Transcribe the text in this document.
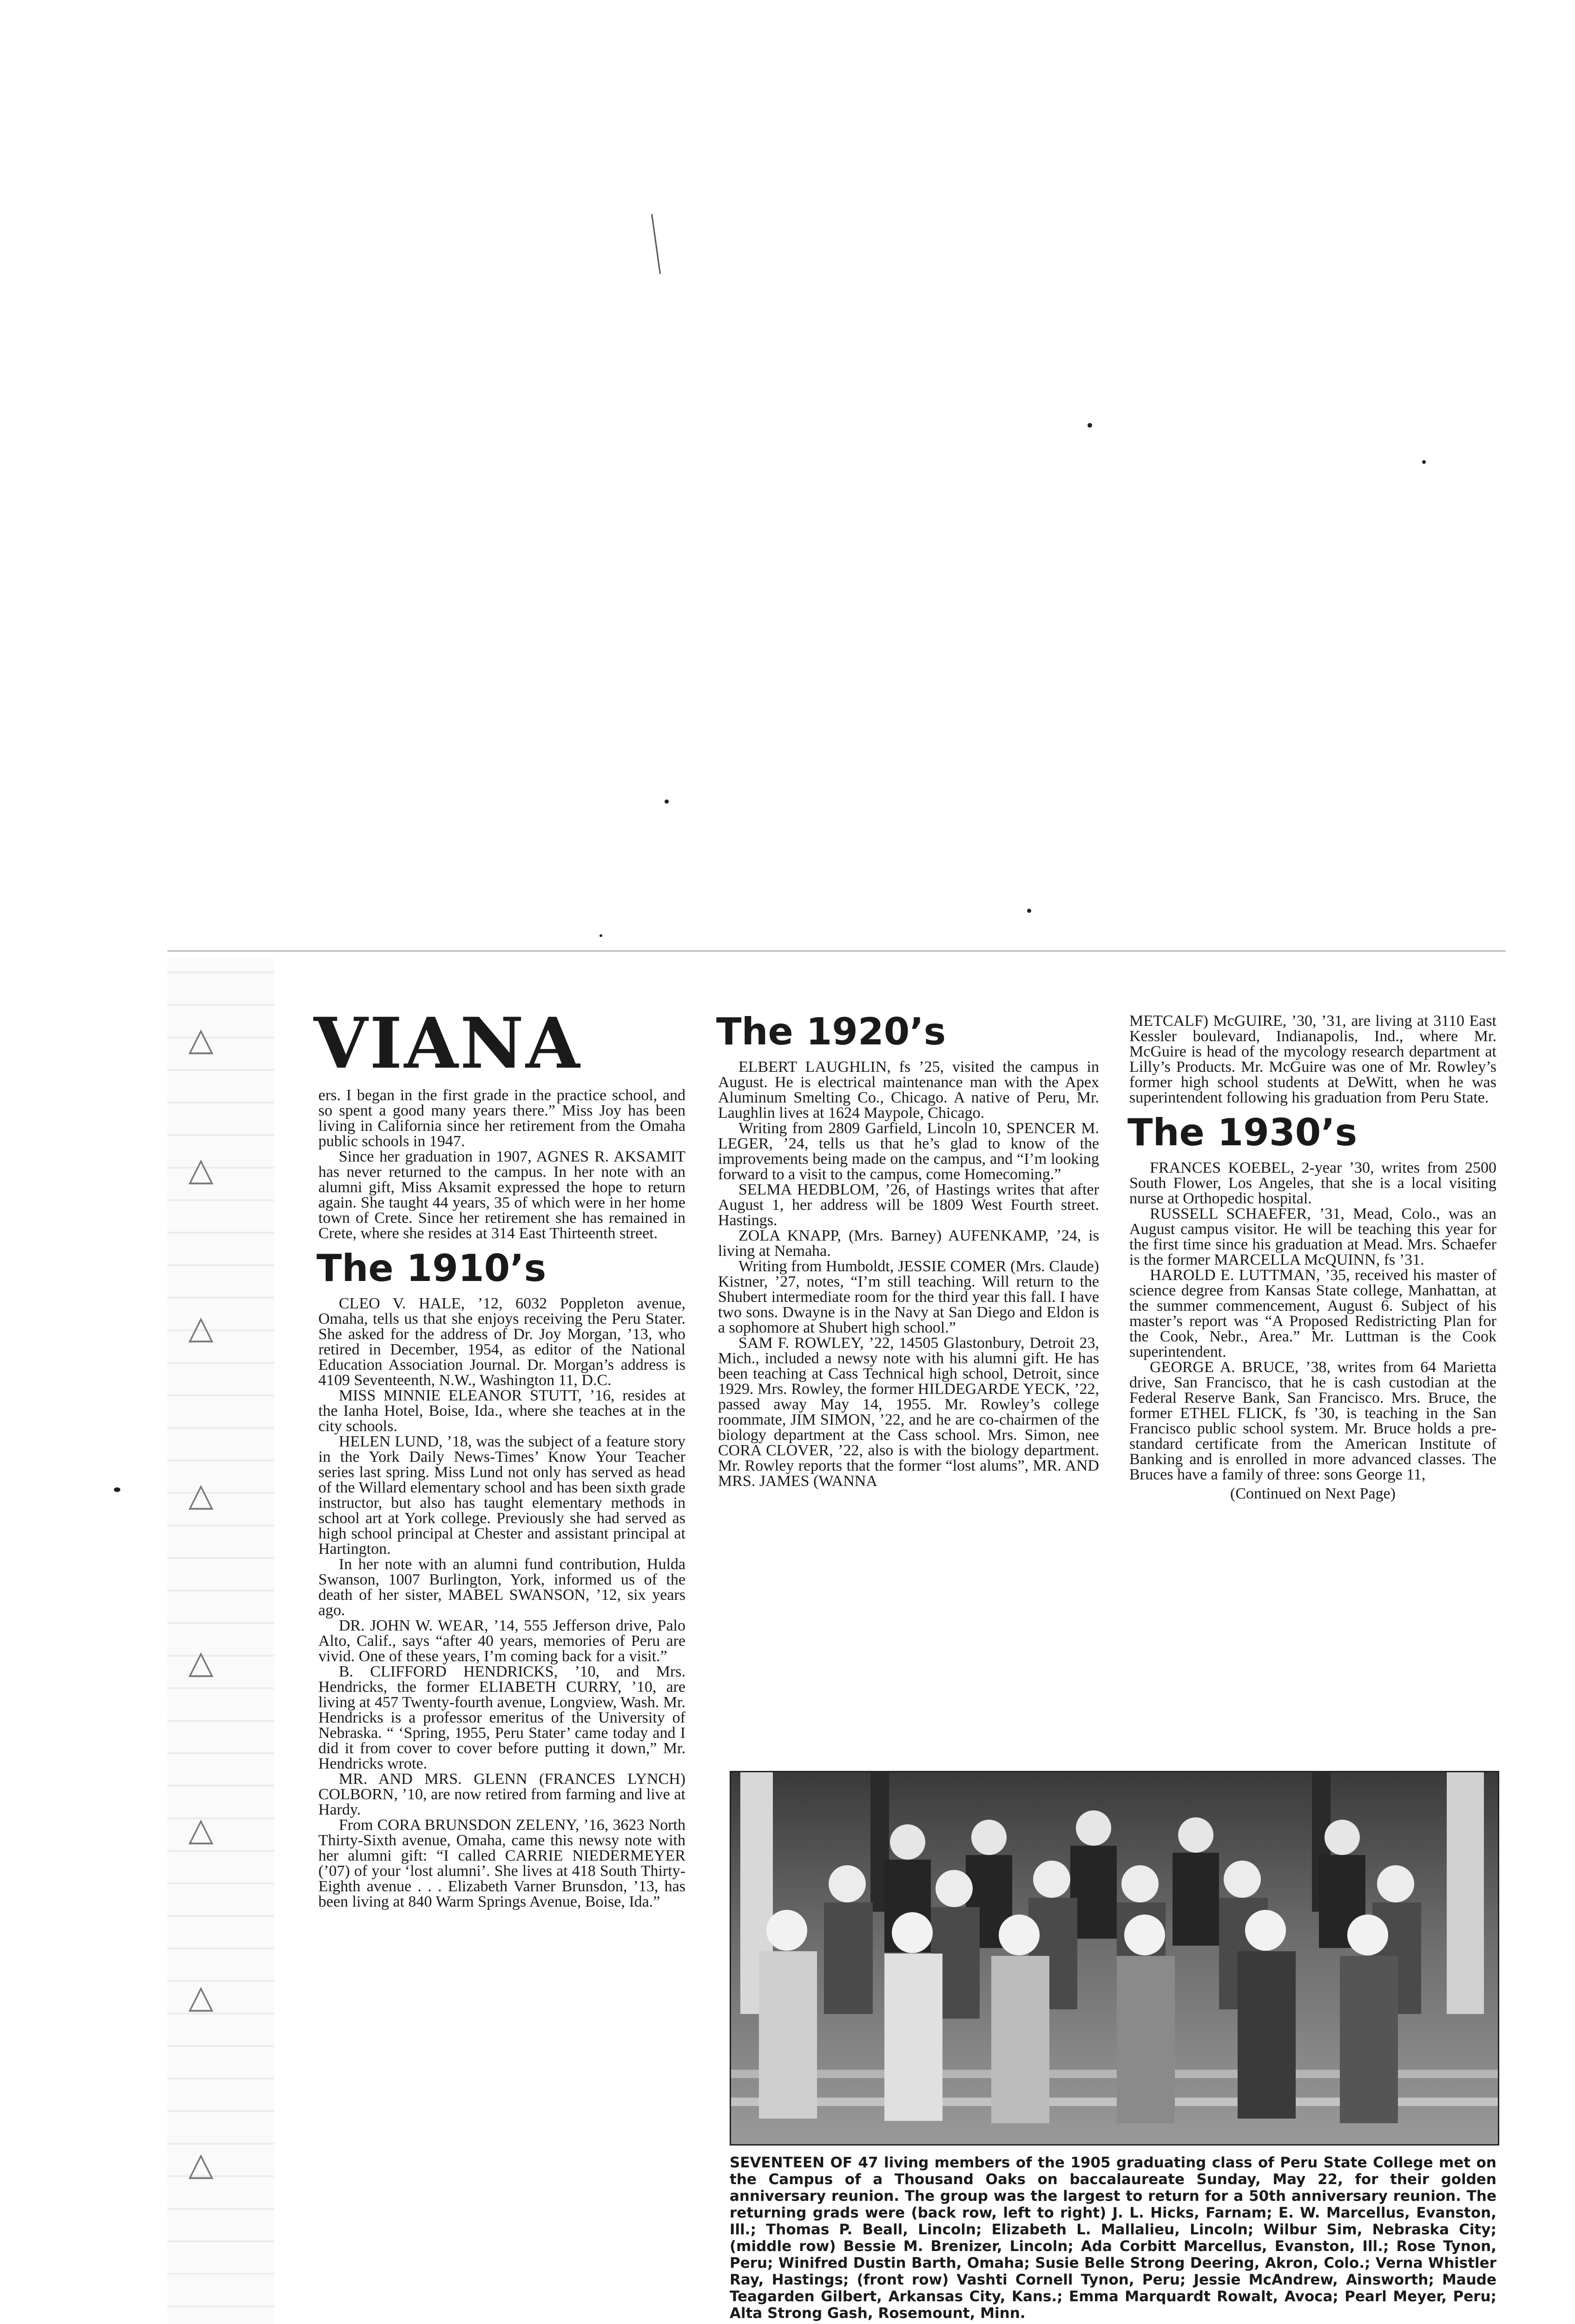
▷
▷
▷
▷
▷
▷
▷
▷
VIANA

ers. I began in the first grade in the practice school, and so spent a good many years there.” Miss Joy has been living in California since her retirement from the Omaha public schools in 1947.

Since her graduation in 1907, AGNES R. AKSAMIT has never returned to the campus. In her note with an alumni gift, Miss Aksamit expressed the hope to return again. She taught 44 years, 35 of which were in her home town of Crete. Since her retirement she has remained in Crete, where she resides at 314 East Thirteenth street.

The 1910’s

CLEO V. HALE, ’12, 6032 Poppleton avenue, Omaha, tells us that she enjoys receiving the Peru Stater. She asked for the address of Dr. Joy Morgan, ’13, who retired in December, 1954, as editor of the National Education Association Journal. Dr. Morgan’s address is 4109 Seventeenth, N.W., Washington 11, D.C.

MISS MINNIE ELEANOR STUTT, ’16, resides at the Ianha Hotel, Boise, Ida., where she teaches at in the city schools.

HELEN LUND, ’18, was the subject of a feature story in the York Daily News-Times’ Know Your Teacher series last spring. Miss Lund not only has served as head of the Willard elementary school and has been sixth grade instructor, but also has taught elementary methods in school art at York college. Previously she had served as high school principal at Chester and assistant principal at Hartington.

In her note with an alumni fund contribution, Hulda Swanson, 1007 Burlington, York, informed us of the death of her sister, MABEL SWANSON, ’12, six years ago.

DR. JOHN W. WEAR, ’14, 555 Jefferson drive, Palo Alto, Calif., says “after 40 years, memories of Peru are vivid. One of these years, I’m coming back for a visit.”

B. CLIFFORD HENDRICKS, ’10, and Mrs. Hendricks, the former ELIABETH CURRY, ’10, are living at 457 Twenty-fourth avenue, Longview, Wash. Mr. Hendricks is a professor emeritus of the University of Nebraska. “ ‘Spring, 1955, Peru Stater’ came today and I did it from cover to cover before putting it down,” Mr. Hendricks wrote.

MR. AND MRS. GLENN (FRANCES LYNCH) COLBORN, ’10, are now retired from farming and live at Hardy.

From CORA BRUNSDON ZELENY, ’16, 3623 North Thirty-Sixth avenue, Omaha, came this newsy note with her alumni gift: “I called CARRIE NIEDERMEYER (’07) of your ‘lost alumni’. She lives at 418 South Thirty-Eighth avenue . . . Elizabeth Varner Brunsdon, ’13, has been living at 840 Warm Springs Avenue, Boise, Ida.”

The 1920’s

ELBERT LAUGHLIN, fs ’25, visited the campus in August. He is electrical maintenance man with the Apex Aluminum Smelting Co., Chicago. A native of Peru, Mr. Laughlin lives at 1624 Maypole, Chicago.

Writing from 2809 Garfield, Lincoln 10, SPENCER M. LEGER, ’24, tells us that he’s glad to know of the improvements being made on the campus, and “I’m looking forward to a visit to the campus, come Homecoming.”

SELMA HEDBLOM, ’26, of Hastings writes that after August 1, her address will be 1809 West Fourth street. Hastings.

ZOLA KNAPP, (Mrs. Barney) AUFENKAMP, ’24, is living at Nemaha.

Writing from Humboldt, JESSIE COMER (Mrs. Claude) Kistner, ’27, notes, “I’m still teaching. Will return to the Shubert intermediate room for the third year this fall. I have two sons. Dwayne is in the Navy at San Diego and Eldon is a sophomore at Shubert high school.”

SAM F. ROWLEY, ’22, 14505 Glastonbury, Detroit 23, Mich., included a newsy note with his alumni gift. He has been teaching at Cass Technical high school, Detroit, since 1929. Mrs. Rowley, the former HILDEGARDE YECK, ’22, passed away May 14, 1955. Mr. Rowley’s college roommate, JIM SIMON, ’22, and he are co-chairmen of the biology department at the Cass school. Mrs. Simon, nee CORA CLOVER, ’22, also is with the biology department. Mr. Rowley reports that the former “lost alums”, MR. AND MRS. JAMES (WANNA

METCALF) McGUIRE, ’30, ’31, are living at 3110 East Kessler boulevard, Indianapolis, Ind., where Mr. McGuire is head of the mycology research department at Lilly’s Products. Mr. McGuire was one of Mr. Rowley’s former high school students at DeWitt, when he was superintendent following his graduation from Peru State.

The 1930’s

FRANCES KOEBEL, 2-year ’30, writes from 2500 South Flower, Los Angeles, that she is a local visiting nurse at Orthopedic hospital.

RUSSELL SCHAEFER, ’31, Mead, Colo., was an August campus visitor. He will be teaching this year for the first time since his graduation at Mead. Mrs. Schaefer is the former MARCELLA McQUINN, fs ’31.

HAROLD E. LUTTMAN, ’35, received his master of science degree from Kansas State college, Manhattan, at the summer commencement, August 6. Subject of his master’s report was “A Proposed Redistricting Plan for the Cook, Nebr., Area.” Mr. Luttman is the Cook superintendent.

GEORGE A. BRUCE, ’38, writes from 64 Marietta drive, San Francisco, that he is cash custodian at the Federal Reserve Bank, San Francisco. Mrs. Bruce, the former ETHEL FLICK, fs ’30, is teaching in the San Francisco public school system. Mr. Bruce holds a pre-standard certificate from the American Institute of Banking and is enrolled in more advanced classes. The Bruces have a family of three: sons George 11,

(Continued on Next Page)
SEVENTEEN OF 47 living members of the 1905 graduating class of Peru State College met on the Campus of a Thousand Oaks on baccalaureate Sunday, May 22, for their golden anniversary reunion. The group was the largest to return for a 50th anniversary reunion. The returning grads were (back row, left to right) J. L. Hicks, Farnam; E. W. Marcellus, Evanston, Ill.; Thomas P. Beall, Lincoln; Elizabeth L. Mallalieu, Lincoln; Wilbur Sim, Nebraska City; (middle row) Bessie M. Brenizer, Lincoln; Ada Corbitt Marcellus, Evanston, Ill.; Rose Tynon, Peru; Winifred Dustin Barth, Omaha; Susie Belle Strong Deering, Akron, Colo.; Verna Whistler Ray, Hastings; (front row) Vashti Cornell Tynon, Peru; Jessie McAndrew, Ainsworth; Maude Teagarden Gilbert, Arkansas City, Kans.; Emma Marquardt Rowalt, Avoca; Pearl Meyer, Peru; Alta Strong Gash, Rosemount, Minn.
